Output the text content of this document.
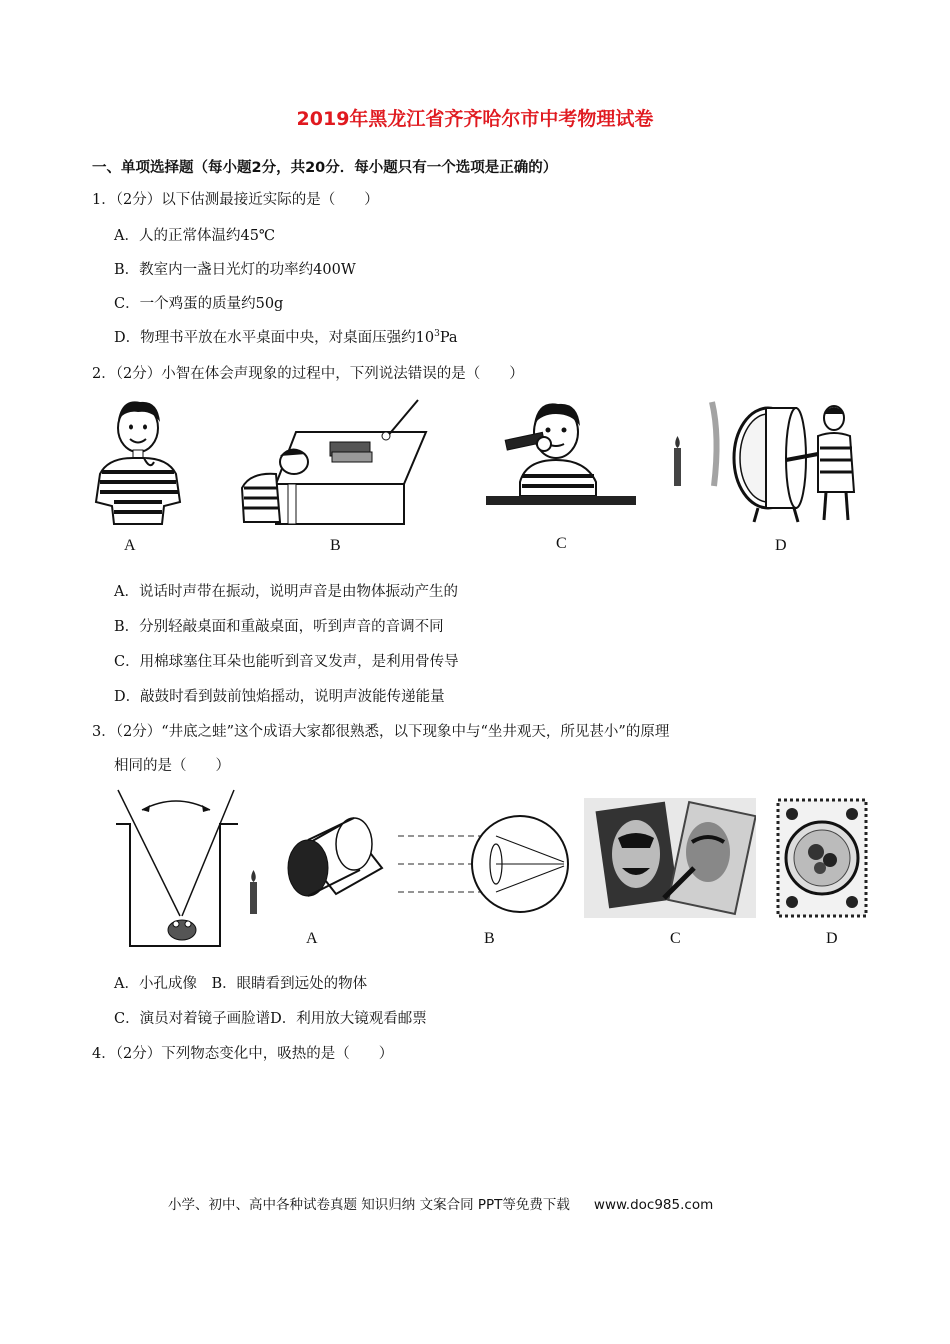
2019年黑龙江省齐齐哈尔市中考物理试卷
一、单项选择题（每小题2分，共20分．每小题只有一个选项是正确的）
1．（2分）以下估测最接近实际的是（　　）
A．人的正常体温约45℃
B．教室内一盏日光灯的功率约400W
C．一个鸡蛋的质量约50g
D．物理书平放在水平桌面中央，对桌面压强约$10^3Pa$
2．（2分）小智在体会声现象的过程中，下列说法错误的是（　　）
A	B	C	D
A．说话时声带在振动，说明声音是由物体振动产生的
B．分别轻敲桌面和重敲桌面，听到声音的音调不同
C．用棉球塞住耳朵也能听到音叉发声，是利用骨传导
D．敲鼓时看到鼓前蚀焰摇动，说明声波能传递能量
3．（2分）“井底之蛙”这个成语大家都很熟悉，以下现象中与“坐井观天，所见甚小”的原理
相同的是（　　）
A	B	C	D
A．小孔成像　B．眼睛看到远处的物体
C．演员对着镜子画脸谱D．利用放大镜观看邮票
4．（2分）下列物态变化中，吸热的是（　　）
小学、初中、高中各种试卷真题 知识归纳 文案合同 PPT等免费下载 www.doc985.com
